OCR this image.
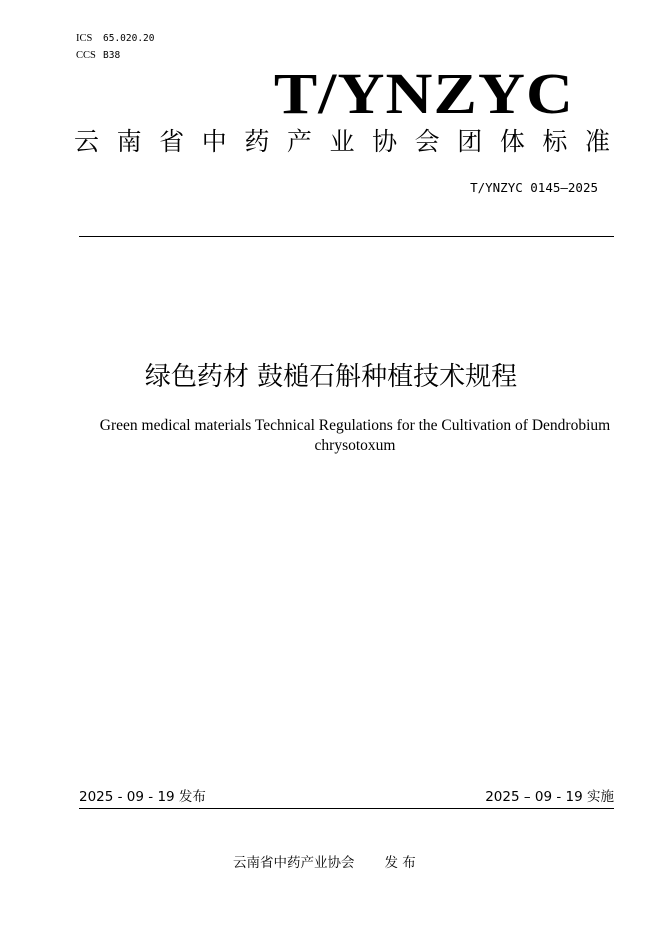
ICS 65.020.20
CCS B38
T/YNZYC
云南省中药产业协会团体标准
T/YNZYC 0145—2025
绿色药材 鼓槌石斛种植技术规程
Green medical materials Technical Regulations for the Cultivation of Dendrobium
chrysotoxum
2025 - 09 - 19 发布	2025 – 09 - 19 实施
云南省中药产业协会 发 布
